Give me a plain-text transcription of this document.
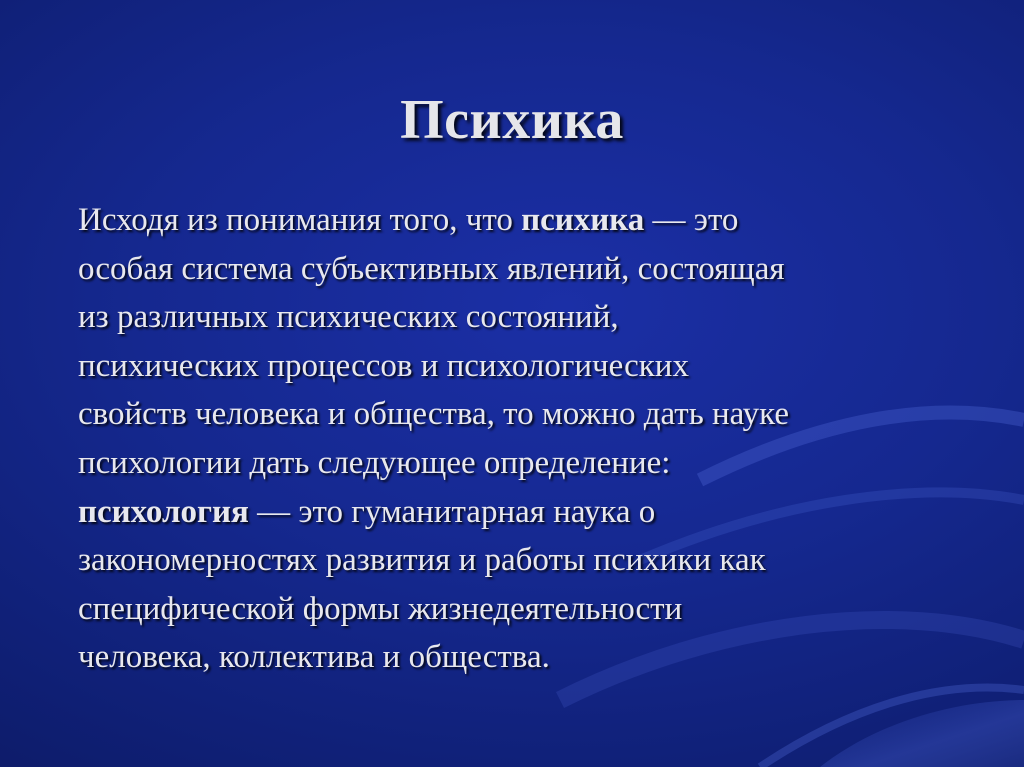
Психика
Исходя из понимания того, что психика — это
особая система субъективных явлений, состоящая
из различных психических состояний,
психических процессов и психологических
свойств человека и общества, то можно дать науке
психологии дать следующее определение:
психология — это гуманитарная наука о
закономерностях развития и работы психики как
специфической формы жизнедеятельности
человека, коллектива и общества.
